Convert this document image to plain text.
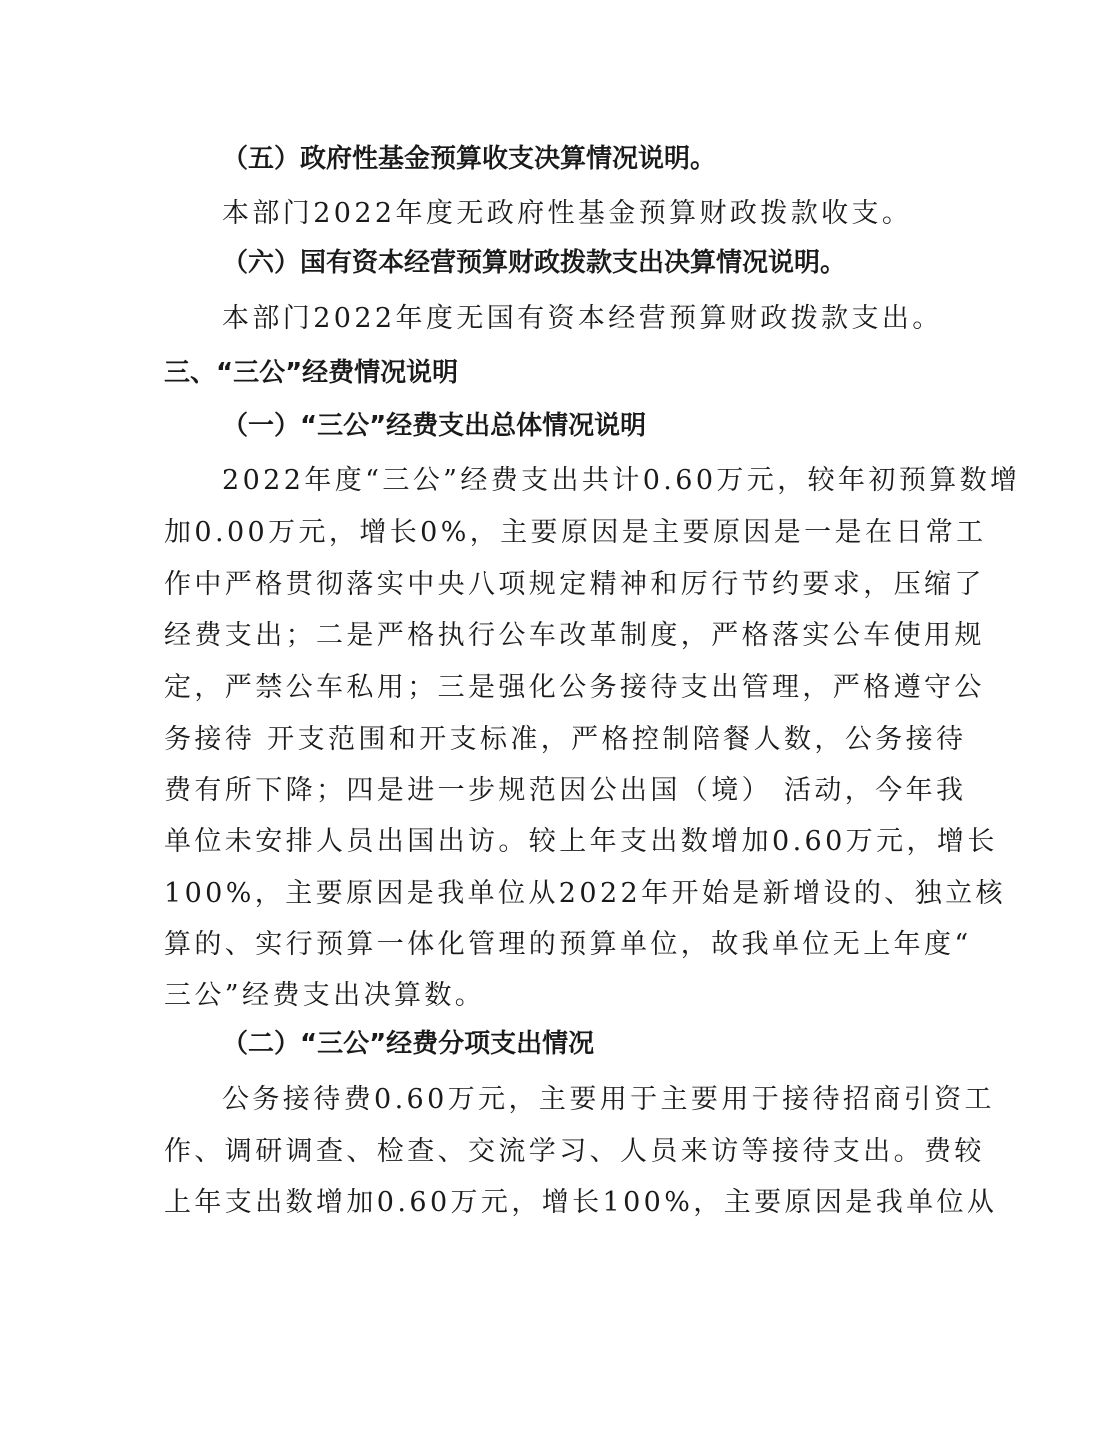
（五）政府性基金预算收支决算情况说明。
本部门2022年度无政府性基金预算财政拨款收支。
（六）国有资本经营预算财政拨款支出决算情况说明。
本部门2022年度无国有资本经营预算财政拨款支出。
三、“三公”经费情况说明
（一）“三公”经费支出总体情况说明
2022年度“三公”经费支出共计0.60万元，较年初预算数增
加0.00万元，增长0%，主要原因是主要原因是一是在日常工
作中严格贯彻落实中央八项规定精神和厉行节约要求，压缩了
经费支出；二是严格执行公车改革制度，严格落实公车使用规
定，严禁公车私用；三是强化公务接待支出管理，严格遵守公
务接待 开支范围和开支标准，严格控制陪餐人数，公务接待
费有所下降；四是进一步规范因公出国（境） 活动，今年我
单位未安排人员出国出访。较上年支出数增加0.60万元，增长
100%，主要原因是我单位从2022年开始是新增设的、独立核
算的、实行预算一体化管理的预算单位，故我单位无上年度“
三公”经费支出决算数。
（二）“三公”经费分项支出情况
公务接待费0.60万元，主要用于主要用于接待招商引资工
作、调研调查、检查、交流学习、人员来访等接待支出。费较
上年支出数增加0.60万元，增长100%，主要原因是我单位从
